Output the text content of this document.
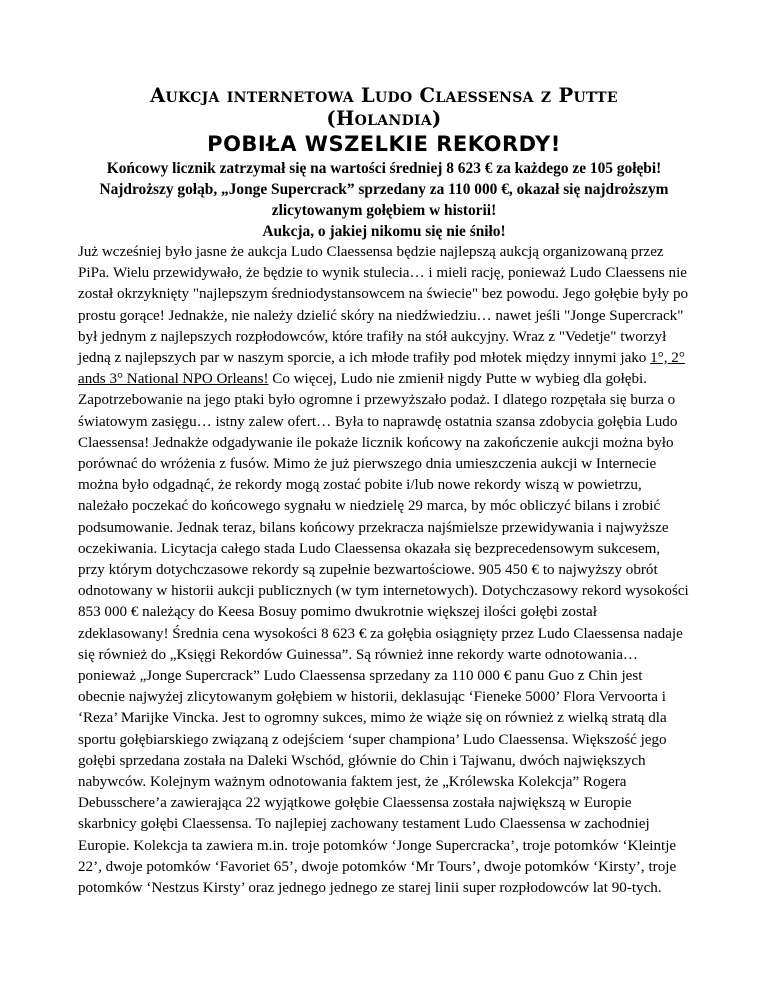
Aukcja internetowa Ludo Claessensa z Putte
(Holandia)
POBIŁA WSZELKIE REKORDY!

Końcowy licznik zatrzymał się na wartości średniej 8 623 € za każdego ze 105 gołębi!

Najdroższy gołąb, „Jonge Supercrack” sprzedany za 110 000 €, okazał się najdroższym

zlicytowanym gołębiem w historii!

Aukcja, o jakiej nikomu się nie śniło!

Już wcześniej było jasne że aukcja Ludo Claessensa będzie najlepszą aukcją organizowaną przez PiPa. Wielu przewidywało, że będzie to wynik stulecia… i mieli rację, ponieważ Ludo Claessens nie został okrzyknięty "najlepszym średniodystansowcem na świecie" bez powodu. Jego gołębie były po prostu gorące! Jednakże, nie należy dzielić skóry na niedźwiedziu… nawet jeśli "Jonge Supercrack" był jednym z najlepszych rozpłodowców, które trafiły na stół aukcyjny. Wraz z "Vedetje" tworzył jedną z najlepszych par w naszym sporcie, a ich młode trafiły pod młotek między innymi jako 1°, 2° ands 3° National NPO Orleans! Co więcej, Ludo nie zmienił nigdy Putte w wybieg dla gołębi. Zapotrzebowanie na jego ptaki było ogromne i przewyższało podaż. I dlatego rozpętała się burza o światowym zasięgu… istny zalew ofert… Była to naprawdę ostatnia szansa zdobycia gołębia Ludo Claessensa! Jednakże odgadywanie ile pokaże licznik końcowy na zakończenie aukcji można było porównać do wróżenia z fusów. Mimo że już pierwszego dnia umieszczenia aukcji w Internecie można było odgadnąć, że rekordy mogą zostać pobite i/lub nowe rekordy wiszą w powietrzu, należało poczekać do końcowego sygnału w niedzielę 29 marca, by móc obliczyć bilans i zrobić podsumowanie. Jednak teraz, bilans końcowy przekracza najśmielsze przewidywania i najwyższe oczekiwania. Licytacja całego stada Ludo Claessensa okazała się bezprecedensowym sukcesem, przy którym dotychczasowe rekordy są zupełnie bezwartościowe. 905 450 € to najwyższy obrót odnotowany w historii aukcji publicznych (w tym internetowych). Dotychczasowy rekord wysokości 853 000 € należący do Keesa Bosuy pomimo dwukrotnie większej ilości gołębi został zdeklasowany! Średnia cena wysokości 8 623 € za gołębia osiągnięty przez Ludo Claessensa nadaje się również do „Księgi Rekordów Guinessa”. Są również inne rekordy warte odnotowania… ponieważ „Jonge Supercrack” Ludo Claessensa sprzedany za 110 000 € panu Guo z Chin jest obecnie najwyżej zlicytowanym gołębiem w historii, deklasując ‘Fieneke 5000’ Flora Vervoorta i ‘Reza’ Marijke Vincka. Jest to ogromny sukces, mimo że wiąże się on również z wielką stratą dla sportu gołębiarskiego związaną z odejściem ‘super championa’ Ludo Claessensa. Większość jego gołębi sprzedana została na Daleki Wschód, głównie do Chin i Tajwanu, dwóch największych nabywców. Kolejnym ważnym odnotowania faktem jest, że „Królewska Kolekcja” Rogera Debusschere’a zawierająca 22 wyjątkowe gołębie Claessensa została największą w Europie skarbnicy gołębi Claessensa. To najlepiej zachowany testament Ludo Claessensa w zachodniej Europie. Kolekcja ta zawiera m.in. troje potomków ‘Jonge Supercracka’, troje potomków ‘Kleintje 22’, dwoje potomków ‘Favoriet 65’, dwoje potomków ‘Mr Tours’, dwoje potomków ‘Kirsty’, troje potomków ‘Nestzus Kirsty’ oraz jednego jednego ze starej linii super rozpłodowców lat 90-tych.
